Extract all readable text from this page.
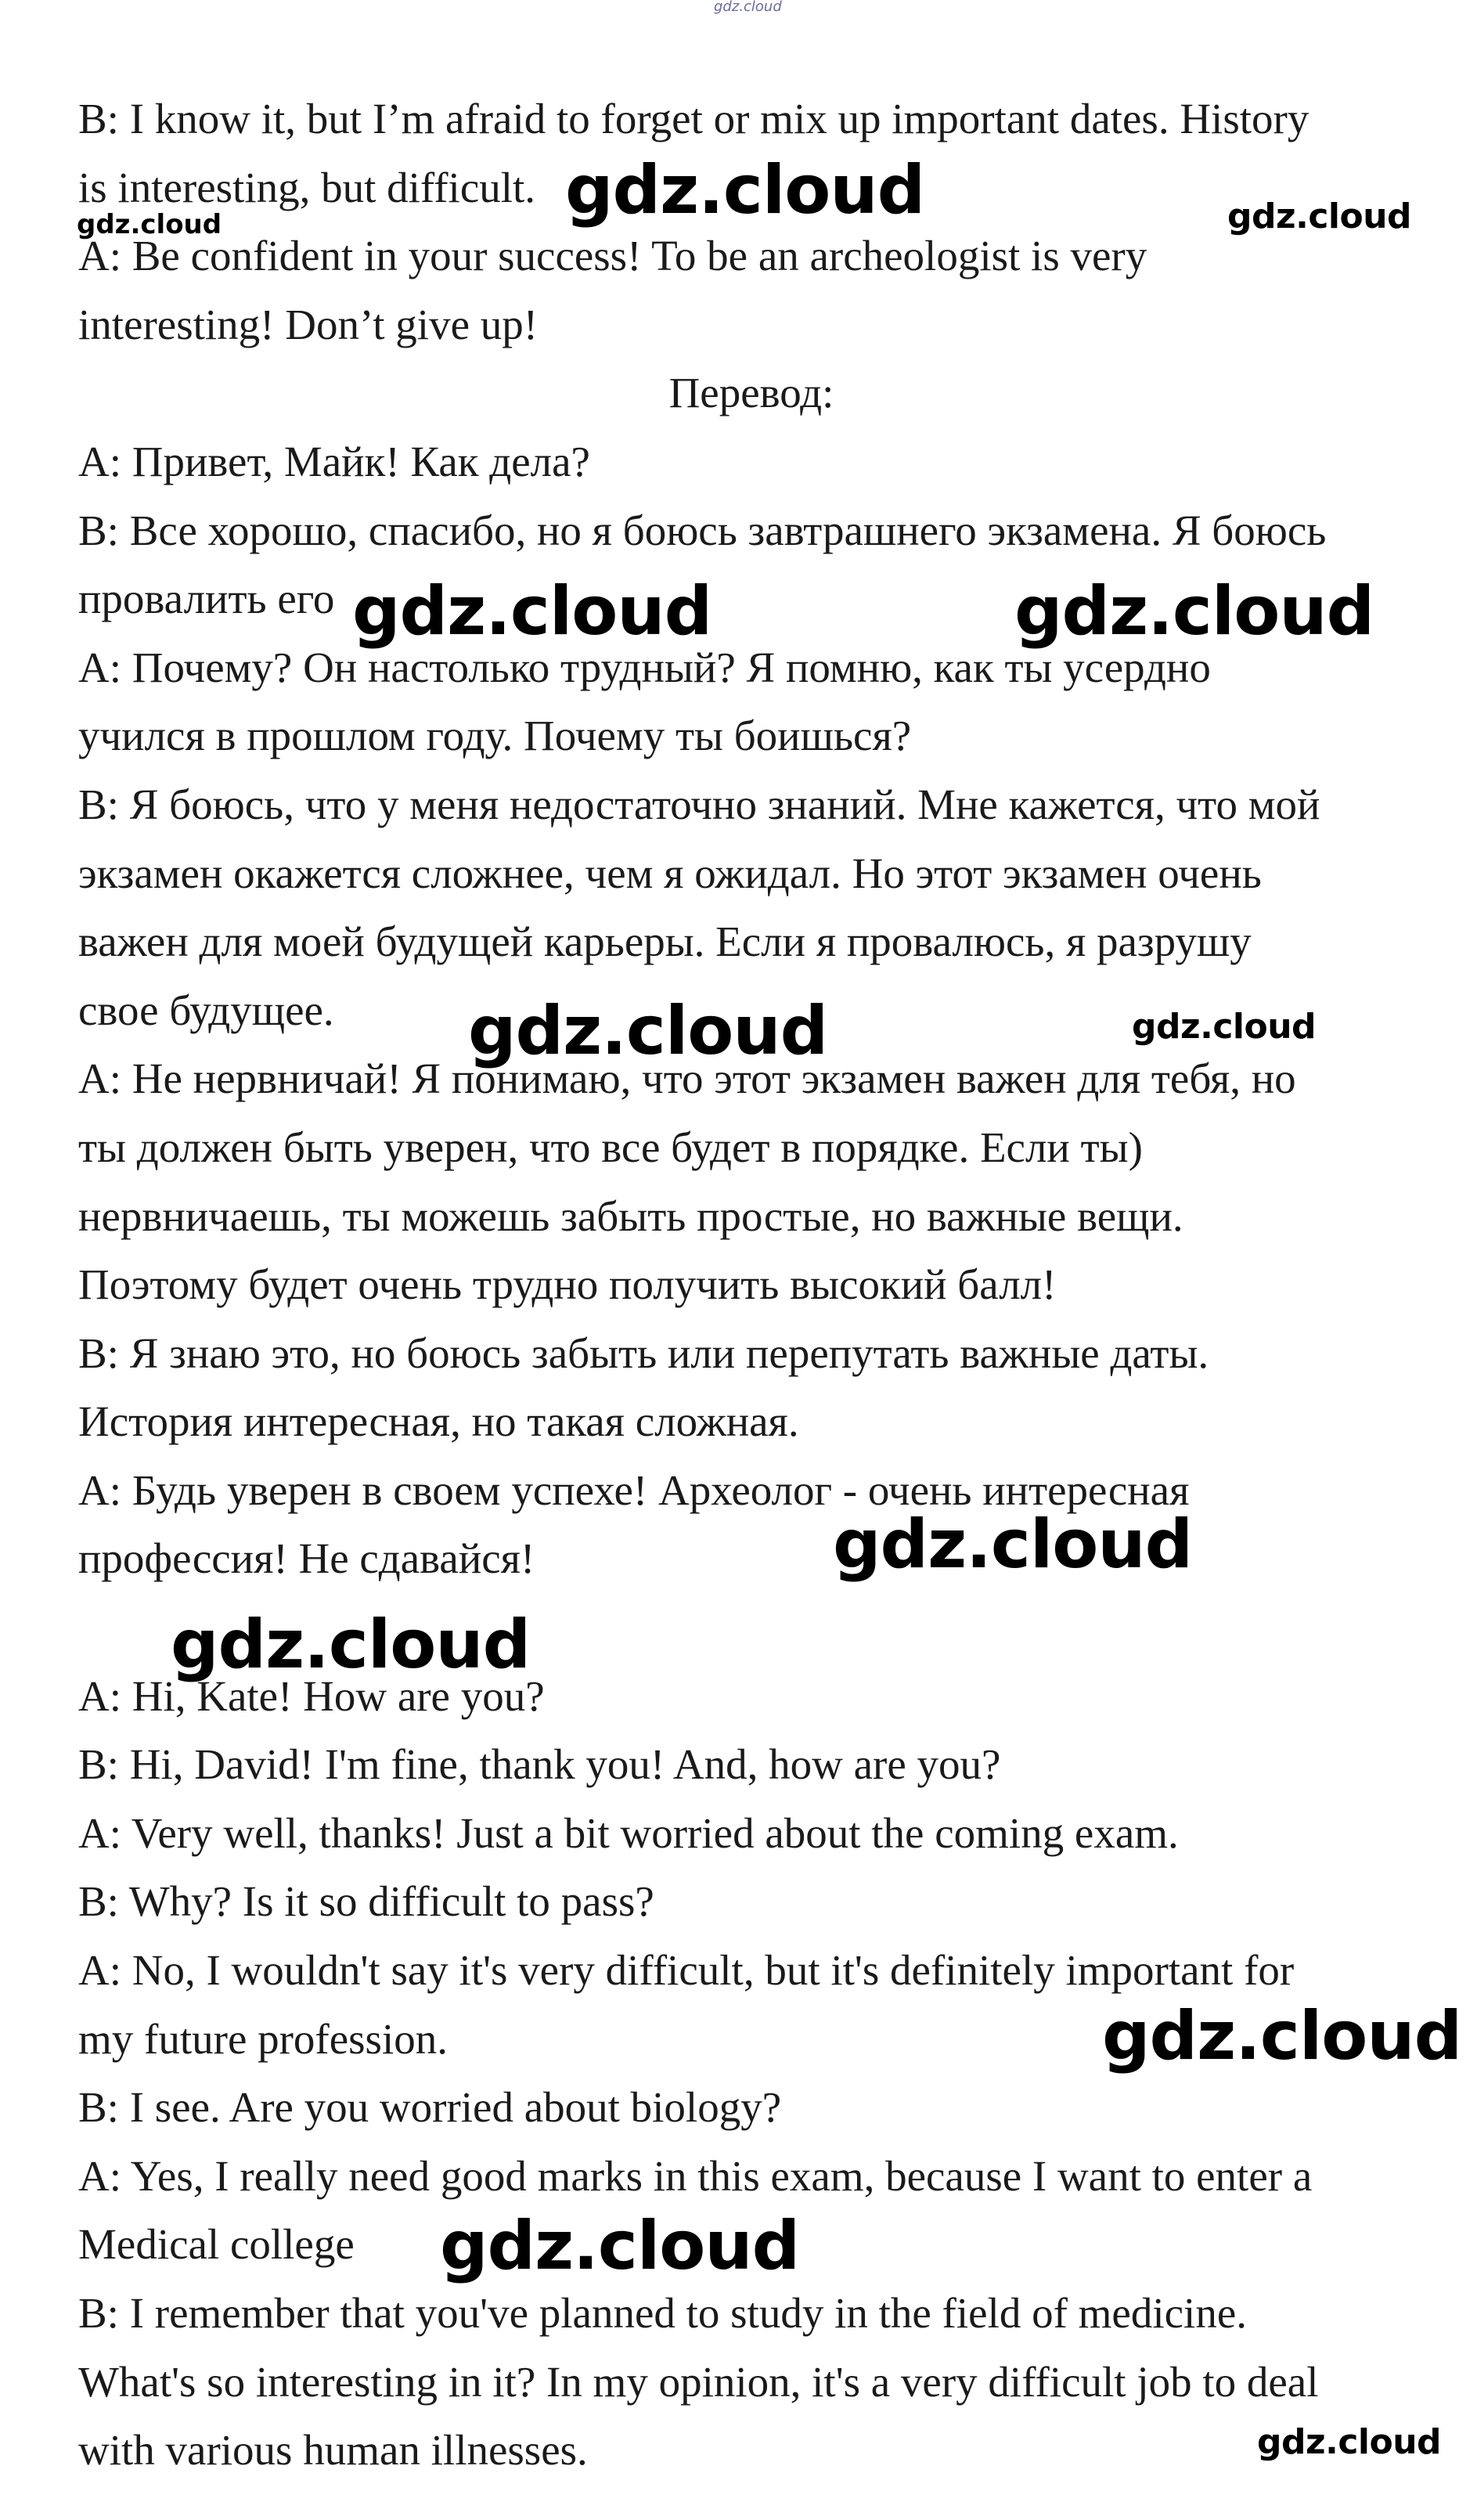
B: I know it, but I’m afraid to forget or mix up important dates. History
is interesting, but difficult.
A: Be confident in your success! To be an archeologist is very
interesting! Don’t give up!
Перевод:
A: Привет, Майк! Как дела?
B: Все хорошо, спасибо, но я боюсь завтрашнего экзамена. Я боюсь
провалить его
A: Почему? Он настолько трудный? Я помню, как ты усердно
учился в прошлом году. Почему ты боишься?
B: Я боюсь, что у меня недостаточно знаний. Мне кажется, что мой
экзамен окажется сложнее, чем я ожидал. Но этот экзамен очень
важен для моей будущей карьеры. Если я провалюсь, я разрушу
свое будущее.
A: Не нервничай! Я понимаю, что этот экзамен важен для тебя, но
ты должен быть уверен, что все будет в порядке. Если ты)
нервничаешь, ты можешь забыть простые, но важные вещи.
Поэтому будет очень трудно получить высокий балл!
B: Я знаю это, но боюсь забыть или перепутать важные даты.
История интересная, но такая сложная.
A: Будь уверен в своем успехе! Археолог - очень интересная
профессия! Не сдавайся!
A: Hi, Kate! How are you?
B: Hi, David! I'm fine, thank you! And, how are you?
A: Very well, thanks! Just a bit worried about the coming exam.
B: Why? Is it so difficult to pass?
A: No, I wouldn't say it's very difficult, but it's definitely important for
my future profession.
B: I see. Are you worried about biology?
A: Yes, I really need good marks in this exam, because I want to enter a
Medical college
B: I remember that you've planned to study in the field of medicine.
What's so interesting in it? In my opinion, it's a very difficult job to deal
with various human illnesses.
gdz.cloud
gdz.cloud
gdz.cloud	gdz.cloud
gdz.cloud	gdz.cloud
gdz.cloud	gdz.cloud
gdz.cloud
gdz.cloud
gdz.cloud
gdz.cloud
gdz.cloud
